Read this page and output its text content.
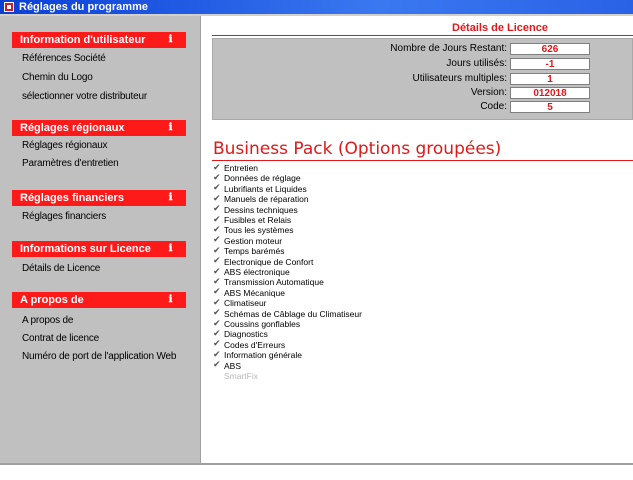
Réglages du programme
Information d'utilisateur ℹ
Références Société
Chemin du Logo
sélectionner votre distributeur
Réglages régionaux	ℹ
Réglages régionaux
Paramètres d'entretien
Réglages financiers	ℹ
Réglages financiers
Informations sur Licence ℹ
Détails de Licence
A propos de	ℹ
A propos de
Contrat de licence
Numéro de port de l'application Web
Détails de Licence
Nombre de Jours Restant:	626
Jours utilisés:	-1
Utilisateurs multiples:	1
Version:	012018
Code:	5
Business Pack (Options groupées)
✔ Entretien
✔ Données de réglage
✔ Lubrifiants et Liquides
✔ Manuels de réparation
✔ Dessins techniques
✔ Fusibles et Relais
✔ Tous les systèmes
✔ Gestion moteur
✔ Temps barémés
✔ Electronique de Confort
✔ ABS électronique
✔ Transmission Automatique
✔ ABS Mécanique
✔ Climatiseur
✔ Schémas de Câblage du Climatiseur
✔ Coussins gonflables
✔ Diagnostics
✔ Codes d'Erreurs
✔ Information générale
✔ ABS
SmartFix
